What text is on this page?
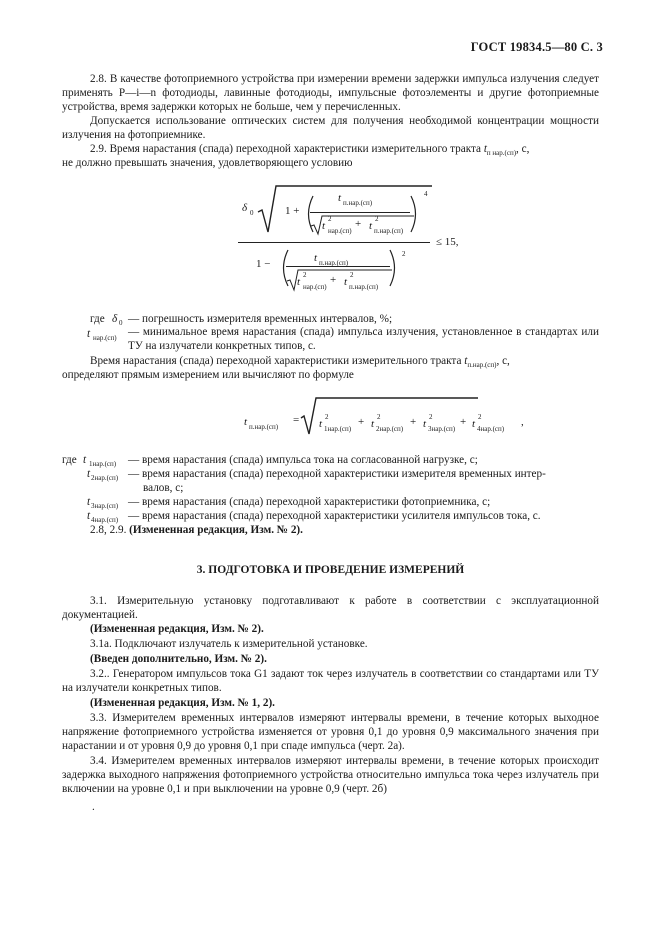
ГОСТ 19834.5—80 С. 3
2.8. В качестве фотоприемного устройства при измерении времени задержки импульса излучения следует применять P—i—n фотодиоды, лавинные фотодиоды, импульсные фотоэлементы и другие фотоприемные устройства, время задержки которых не больше, чем у перечисленных.
Допускается использование оптических систем для получения необходимой концентрации мощности излучения на фотоприемнике.
2.9. Время нарастания (спада) переходной характеристики измерительного тракта $t_{п нар.(сп)}$, с,
не должно превышать значения, удовлетворяющего условию
δ 0	1 +
t п.нар.(сп)
t
2
нар.(сп)
+ t
2
п.нар.(сп)
4
1 −	t п.нар.(сп)
t
2
нар.(сп)
+ t
2
п.нар.(сп)
2
≤ 15,
где δ 0 — погрешность измерителя временных интервалов, %;
t нар.(сп) — минимальное время нарастания (спада) импульса излучения, установленное в стандартах или ТУ на излучатели конкретных типов, с.
Время нарастания (спада) переходной характеристики измерительного тракта $t_{п.нар.(сп)}$, с,
определяют прямым измерением или вычисляют по формуле
t п.нар.(сп)
= t
2
1нар.(сп)
+ t
2
2нар.(сп)
+ t
2
3нар.(сп)
+ t
2
4нар.(сп)
,
где t 1нар.(сп) — время нарастания (спада) импульса тока на согласованной нагрузке, с;
t 2нар.(сп) — время нарастания (спада) переходной характеристики измерителя временных интер-
валов, с;
t 3нар.(сп) — время нарастания (спада) переходной характеристики фотоприемника, с;
t 4нар.(сп) — время нарастания (спада) переходной характеристики усилителя импульсов тока, с.
2.8, 2.9. (Измененная редакция, Изм. № 2).
3. ПОДГОТОВКА И ПРОВЕДЕНИЕ ИЗМЕРЕНИЙ
3.1. Измерительную установку подготавливают к работе в соответствии с эксплуатационной документацией.
(Измененная редакция, Изм. № 2).
3.1а. Подключают излучатель к измерительной установке.
(Введен дополнительно, Изм. № 2).
3.2.. Генератором импульсов тока G1 задают ток через излучатель в соответствии со стандартами или ТУ на излучатели конкретных типов.
(Измененная редакция, Изм. № 1, 2).
3.3. Измерителем временных интервалов измеряют интервалы времени, в течение которых выходное напряжение фотоприемного устройства изменяется от уровня 0,1 до уровня 0,9 максимального значения при нарастании и от уровня 0,9 до уровня 0,1 при спаде импульса (черт. 2а).
3.4. Измерителем временных интервалов измеряют интервалы времени, в течение которых происходит задержка выходного напряжения фотоприемного устройства относительно импульса тока через излучатель при включении на уровне 0,1 и при выключении на уровне 0,9 (черт. 2б)
.
